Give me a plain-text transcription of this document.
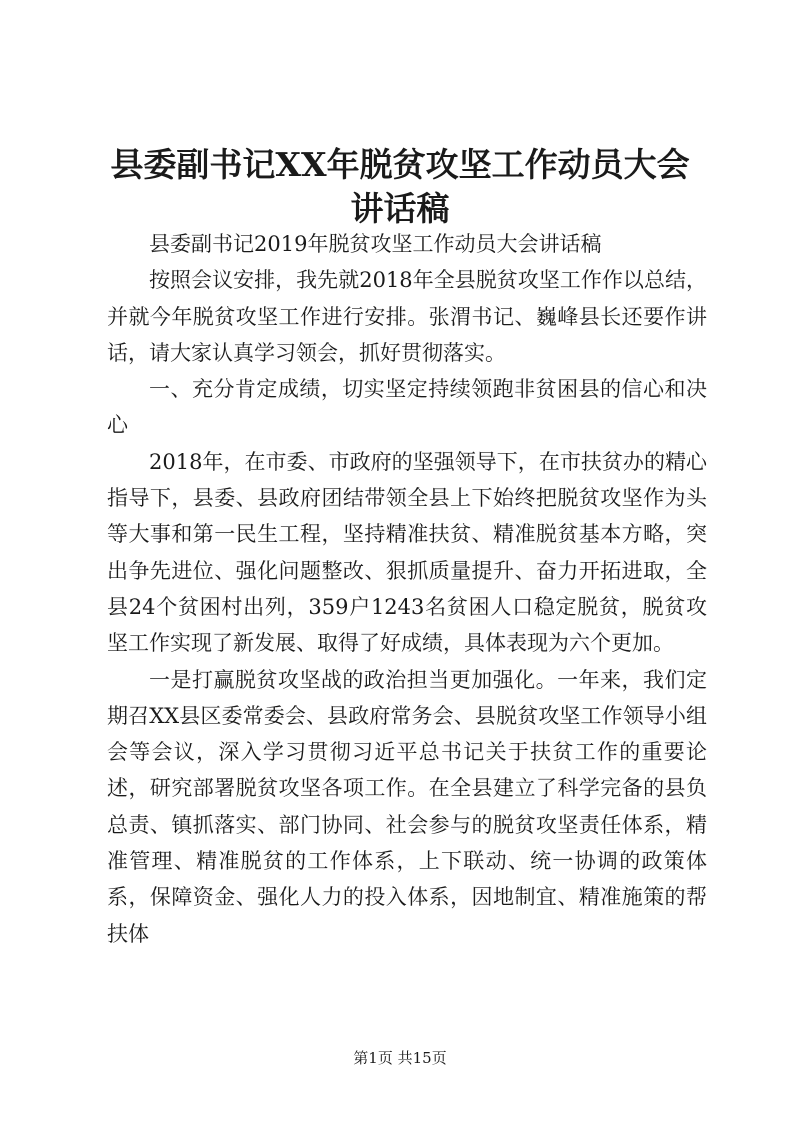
县委副书记XX年脱贫攻坚工作动员大会讲话稿

县委副书记2019年脱贫攻坚工作动员大会讲话稿

按照会议安排，我先就2018年全县脱贫攻坚工作作以总结，并就今年脱贫攻坚工作进行安排。张渭书记、巍峰县长还要作讲话，请大家认真学习领会，抓好贯彻落实。

一、充分肯定成绩，切实坚定持续领跑非贫困县的信心和决心

2018年，在市委、市政府的坚强领导下，在市扶贫办的精心指导下，县委、县政府团结带领全县上下始终把脱贫攻坚作为头等大事和第一民生工程，坚持精准扶贫、精准脱贫基本方略，突出争先进位、强化问题整改、狠抓质量提升、奋力开拓进取，全县24个贫困村出列，359户1243名贫困人口稳定脱贫，脱贫攻坚工作实现了新发展、取得了好成绩，具体表现为六个更加。

一是打赢脱贫攻坚战的政治担当更加强化。一年来，我们定期召XX县区委常委会、县政府常务会、县脱贫攻坚工作领导小组会等会议，深入学习贯彻习近平总书记关于扶贫工作的重要论述，研究部署脱贫攻坚各项工作。在全县建立了科学完备的县负总责、镇抓落实、部门协同、社会参与的脱贫攻坚责任体系，精准管理、精准脱贫的工作体系，上下联动、统一协调的政策体系，保障资金、强化人力的投入体系，因地制宜、精准施策的帮扶体

第1页 共15页
